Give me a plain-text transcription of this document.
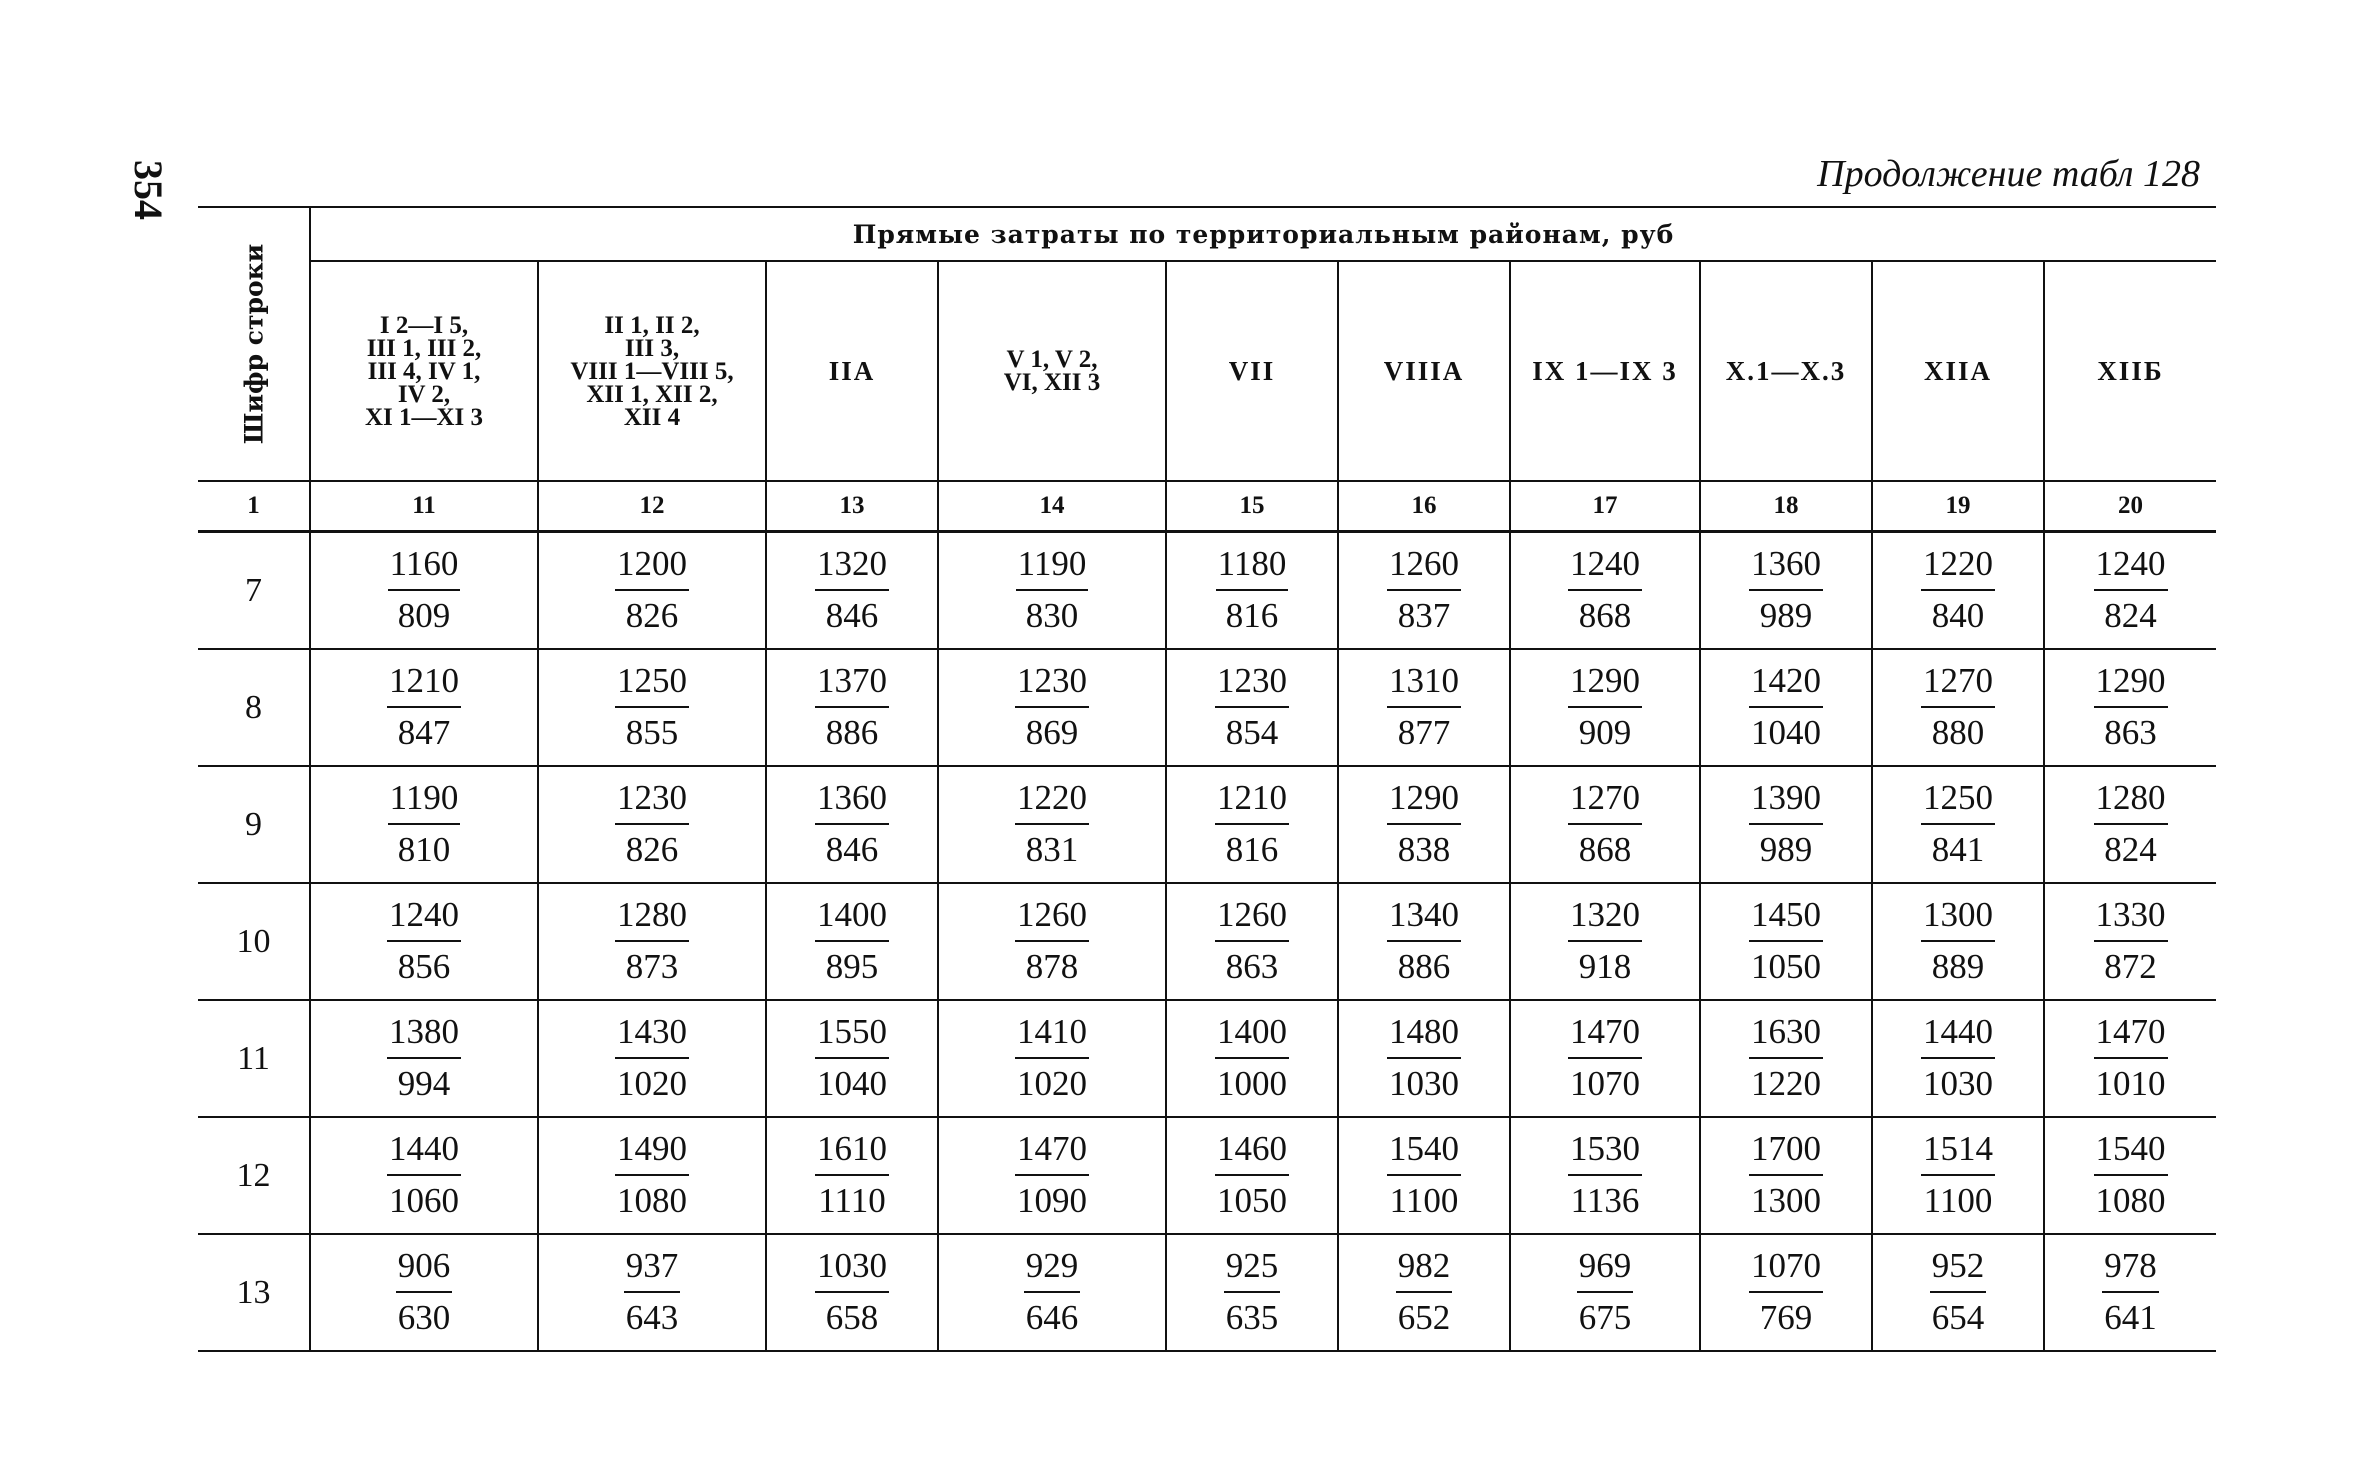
354	Продолжение табл 128
Шифр строки	Прямые затраты по территориальным районам, руб									
	I 2—I 5,
III 1, III 2,
III 4, IV 1,
IV 2,
XI 1—XI 3	II 1, II 2,
III 3,
VIII 1—VIII 5,
XII 1, XII 2,
XII 4	IIA	V 1, V 2,
VI, XII 3	VII	VIIIA	IX 1—IX 3	X.1—X.3	XIIA	XIIБ
1	11	12	13	14	15	16	17	18	19	20
7	$\frac{1160}{809}$	$\frac{1200}{826}$	$\frac{1320}{846}$	$\frac{1190}{830}$	$\frac{1180}{816}$	$\frac{1260}{837}$	$\frac{1240}{868}$	$\frac{1360}{989}$	$\frac{1220}{840}$	$\frac{1240}{824}$

8	$\frac{1210}{847}$	$\frac{1250}{855}$	$\frac{1370}{886}$	$\frac{1230}{869}$	$\frac{1230}{854}$	$\frac{1310}{877}$	$\frac{1290}{909}$	$\frac{1420}{1040}$	$\frac{1270}{880}$	$\frac{1290}{863}$

9	$\frac{1190}{810}$	$\frac{1230}{826}$	$\frac{1360}{846}$	$\frac{1220}{831}$	$\frac{1210}{816}$	$\frac{1290}{838}$	$\frac{1270}{868}$	$\frac{1390}{989}$	$\frac{1250}{841}$	$\frac{1280}{824}$

10	$\frac{1240}{856}$	$\frac{1280}{873}$	$\frac{1400}{895}$	$\frac{1260}{878}$	$\frac{1260}{863}$	$\frac{1340}{886}$	$\frac{1320}{918}$	$\frac{1450}{1050}$	$\frac{1300}{889}$	$\frac{1330}{872}$

11	$\frac{1380}{994}$	$\frac{1430}{1020}$	$\frac{1550}{1040}$	$\frac{1410}{1020}$	$\frac{1400}{1000}$	$\frac{1480}{1030}$	$\frac{1470}{1070}$	$\frac{1630}{1220}$	$\frac{1440}{1030}$	$\frac{1470}{1010}$

12	$\frac{1440}{1060}$	$\frac{1490}{1080}$	$\frac{1610}{1110}$	$\frac{1470}{1090}$	$\frac{1460}{1050}$	$\frac{1540}{1100}$	$\frac{1530}{1136}$	$\frac{1700}{1300}$	$\frac{1514}{1100}$	$\frac{1540}{1080}$

13	$\frac{906}{630}$	$\frac{937}{643}$	$\frac{1030}{658}$	$\frac{929}{646}$	$\frac{925}{635}$	$\frac{982}{652}$	$\frac{969}{675}$	$\frac{1070}{769}$	$\frac{952}{654}$	$\frac{978}{641}$
